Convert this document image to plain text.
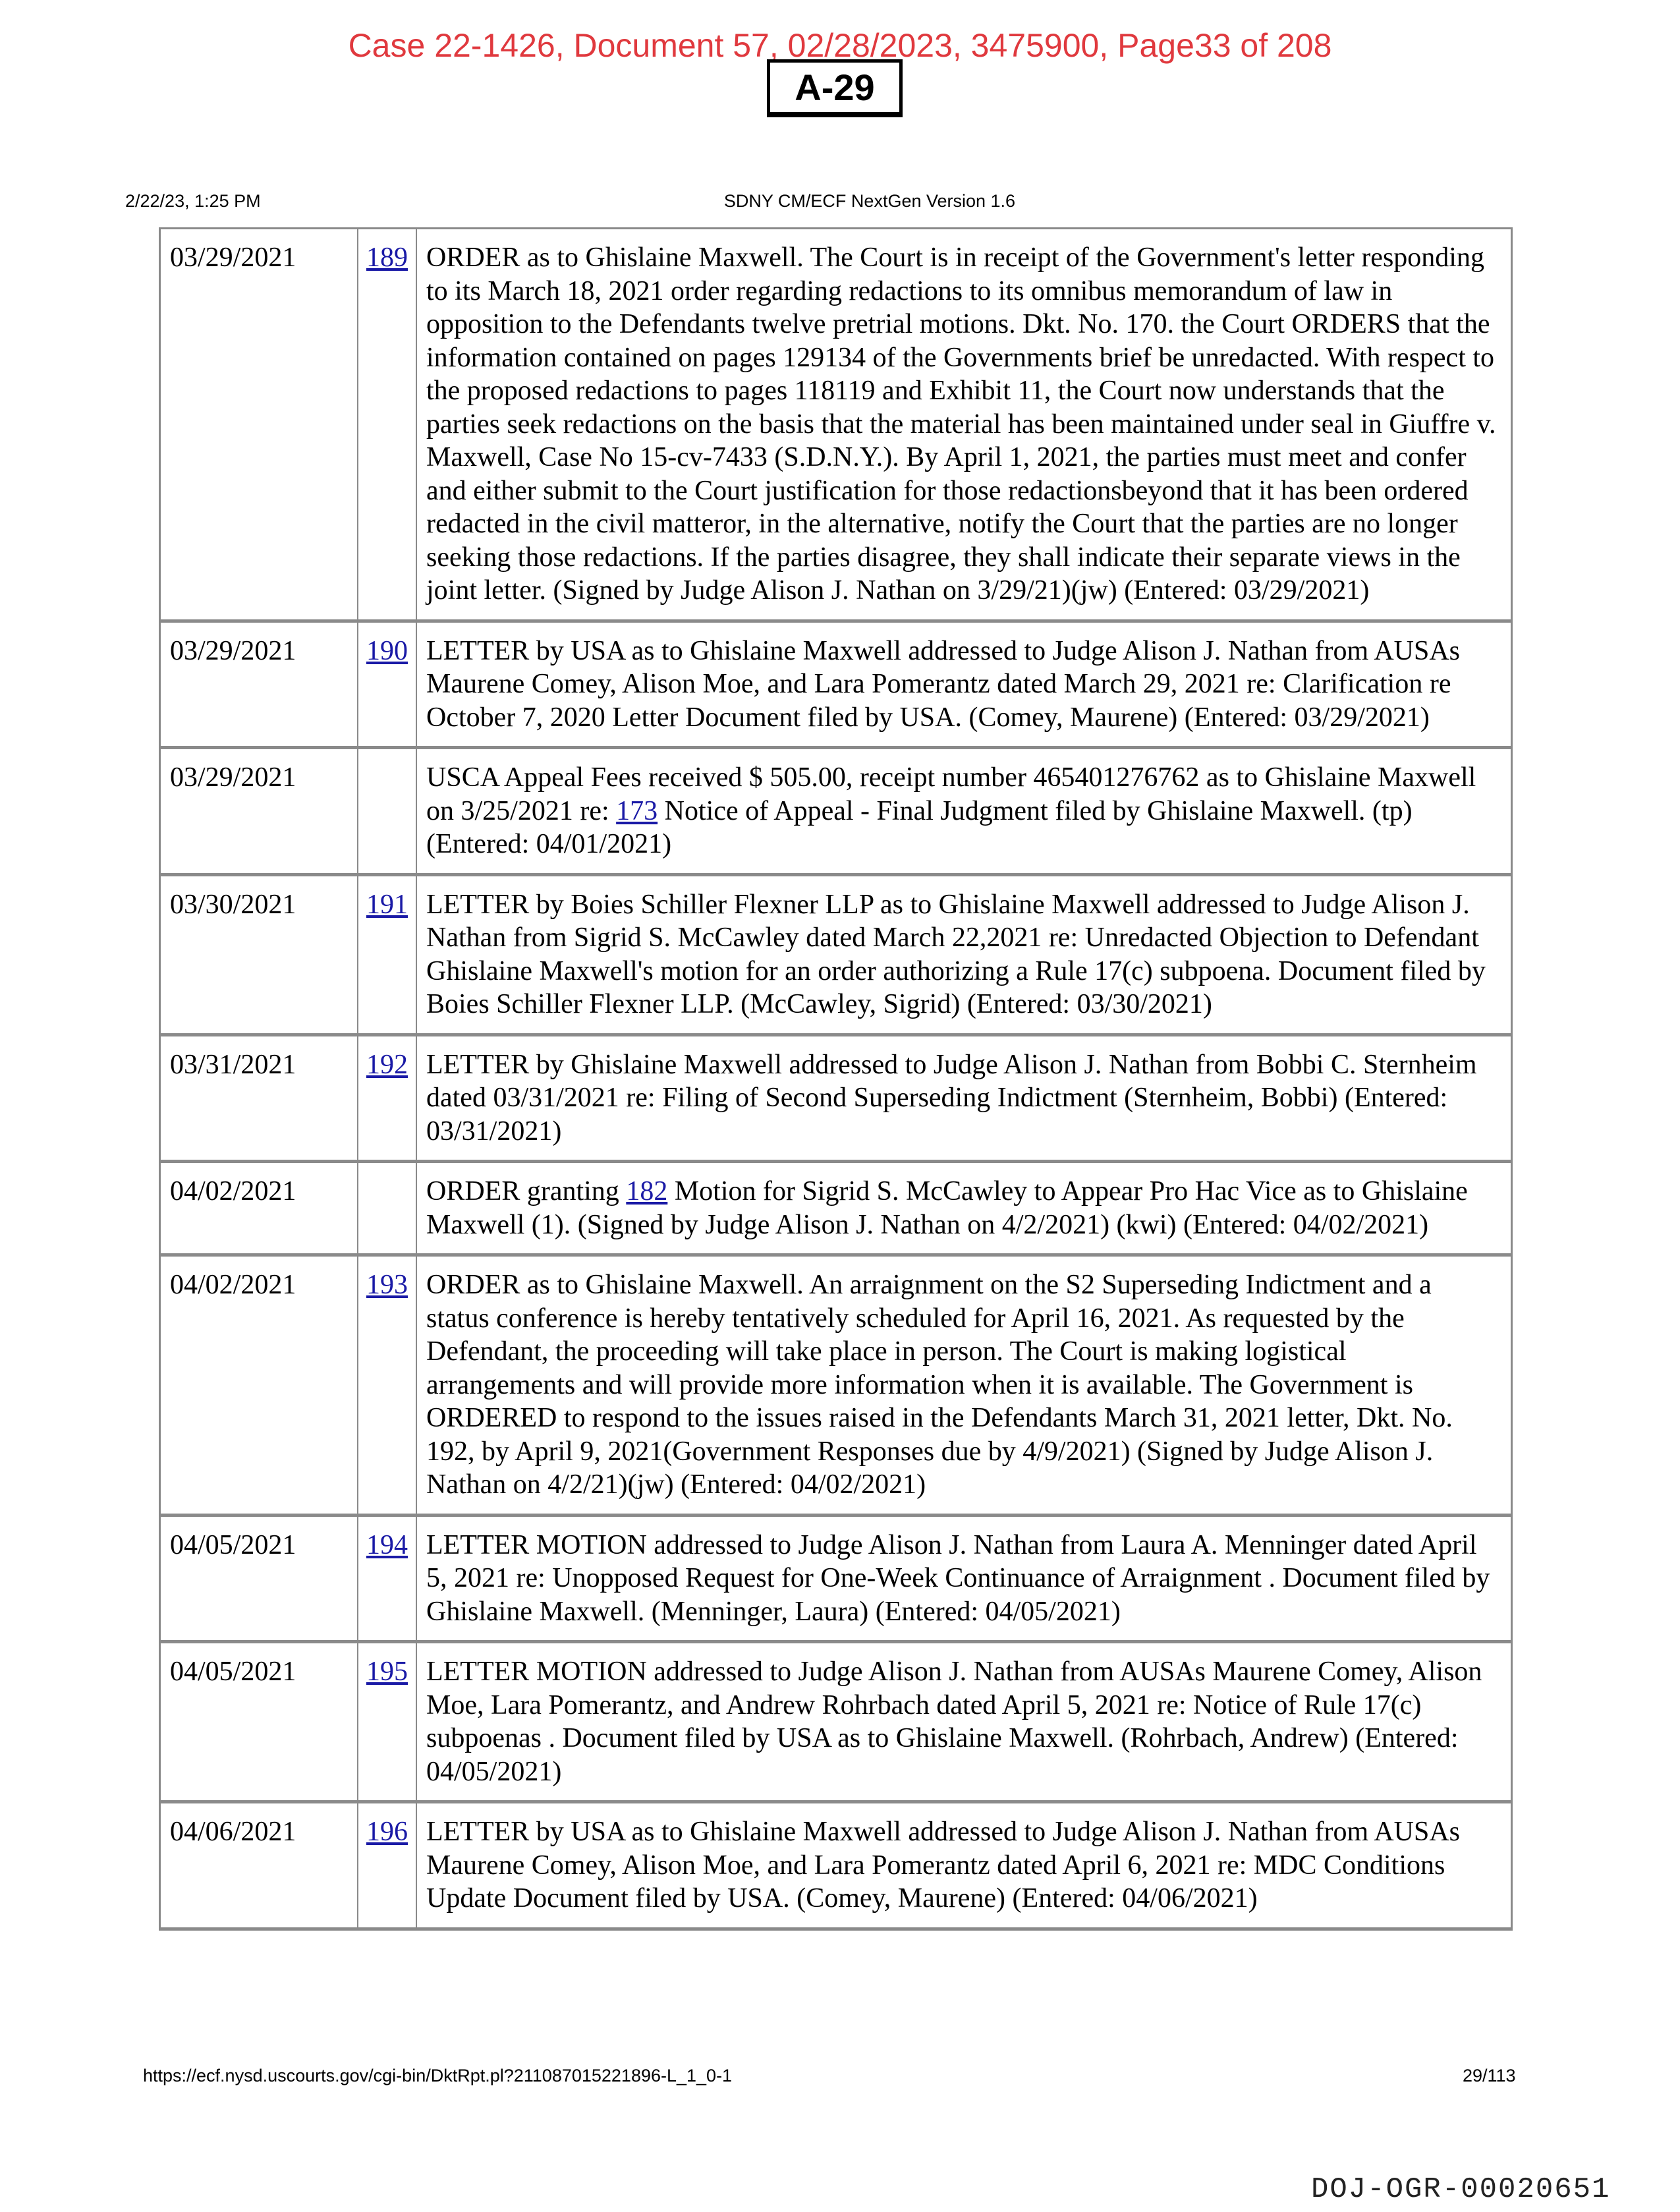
Case 22-1426, Document 57, 02/28/2023, 3475900, Page33 of 208
A-29
2/22/23, 1:25 PM	SDNY CM/ECF NextGen Version 1.6
03/29/2021	189	ORDER as to Ghislaine Maxwell. The Court is in receipt of the Government's letter responding to its March 18, 2021 order regarding redactions to its omnibus memorandum of law in opposition to the Defendants twelve pretrial motions. Dkt. No. 170. the Court ORDERS that the information contained on pages 129134 of the Governments brief be unredacted. With respect to the proposed redactions to pages 118119 and Exhibit 11, the Court now understands that the parties seek redactions on the basis that the material has been maintained under seal in Giuffre v. Maxwell, Case No 15-cv-7433 (S.D.N.Y.). By April 1, 2021, the parties must meet and confer and either submit to the Court justification for those redactionsbeyond that it has been ordered redacted in the civil matteror, in the alternative, notify the Court that the parties are no longer seeking those redactions. If the parties disagree, they shall indicate their separate views in the joint letter. (Signed by Judge Alison J. Nathan on 3/29/21)(jw) (Entered: 03/29/2021)
03/29/2021	190	LETTER by USA as to Ghislaine Maxwell addressed to Judge Alison J. Nathan from AUSAs Maurene Comey, Alison Moe, and Lara Pomerantz dated March 29, 2021 re: Clarification re October 7, 2020 Letter Document filed by USA. (Comey, Maurene) (Entered: 03/29/2021)
03/29/2021		USCA Appeal Fees received $ 505.00, receipt number 465401276762 as to Ghislaine Maxwell on 3/25/2021 re: 173 Notice of Appeal - Final Judgment filed by Ghislaine Maxwell. (tp) (Entered: 04/01/2021)
03/30/2021	191	LETTER by Boies Schiller Flexner LLP as to Ghislaine Maxwell addressed to Judge Alison J. Nathan from Sigrid S. McCawley dated March 22,2021 re: Unredacted Objection to Defendant Ghislaine Maxwell's motion for an order authorizing a Rule 17(c) subpoena. Document filed by Boies Schiller Flexner LLP. (McCawley, Sigrid) (Entered: 03/30/2021)
03/31/2021	192	LETTER by Ghislaine Maxwell addressed to Judge Alison J. Nathan from Bobbi C. Sternheim dated 03/31/2021 re: Filing of Second Superseding Indictment (Sternheim, Bobbi) (Entered: 03/31/2021)
04/02/2021		ORDER granting 182 Motion for Sigrid S. McCawley to Appear Pro Hac Vice as to Ghislaine Maxwell (1). (Signed by Judge Alison J. Nathan on 4/2/2021) (kwi) (Entered: 04/02/2021)
04/02/2021	193	ORDER as to Ghislaine Maxwell. An arraignment on the S2 Superseding Indictment and a status conference is hereby tentatively scheduled for April 16, 2021. As requested by the Defendant, the proceeding will take place in person. The Court is making logistical arrangements and will provide more information when it is available. The Government is ORDERED to respond to the issues raised in the Defendants March 31, 2021 letter, Dkt. No. 192, by April 9, 2021(Government Responses due by 4/9/2021) (Signed by Judge Alison J. Nathan on 4/2/21)(jw) (Entered: 04/02/2021)
04/05/2021	194	LETTER MOTION addressed to Judge Alison J. Nathan from Laura A. Menninger dated April 5, 2021 re: Unopposed Request for One-Week Continuance of Arraignment . Document filed by Ghislaine Maxwell. (Menninger, Laura) (Entered: 04/05/2021)
04/05/2021	195	LETTER MOTION addressed to Judge Alison J. Nathan from AUSAs Maurene Comey, Alison Moe, Lara Pomerantz, and Andrew Rohrbach dated April 5, 2021 re: Notice of Rule 17(c) subpoenas . Document filed by USA as to Ghislaine Maxwell. (Rohrbach, Andrew) (Entered: 04/05/2021)
04/06/2021	196	LETTER by USA as to Ghislaine Maxwell addressed to Judge Alison J. Nathan from AUSAs Maurene Comey, Alison Moe, and Lara Pomerantz dated April 6, 2021 re: MDC Conditions Update Document filed by USA. (Comey, Maurene) (Entered: 04/06/2021)
https://ecf.nysd.uscourts.gov/cgi-bin/DktRpt.pl?211087015221896-L_1_0-1	29/113
DOJ-OGR-00020651
